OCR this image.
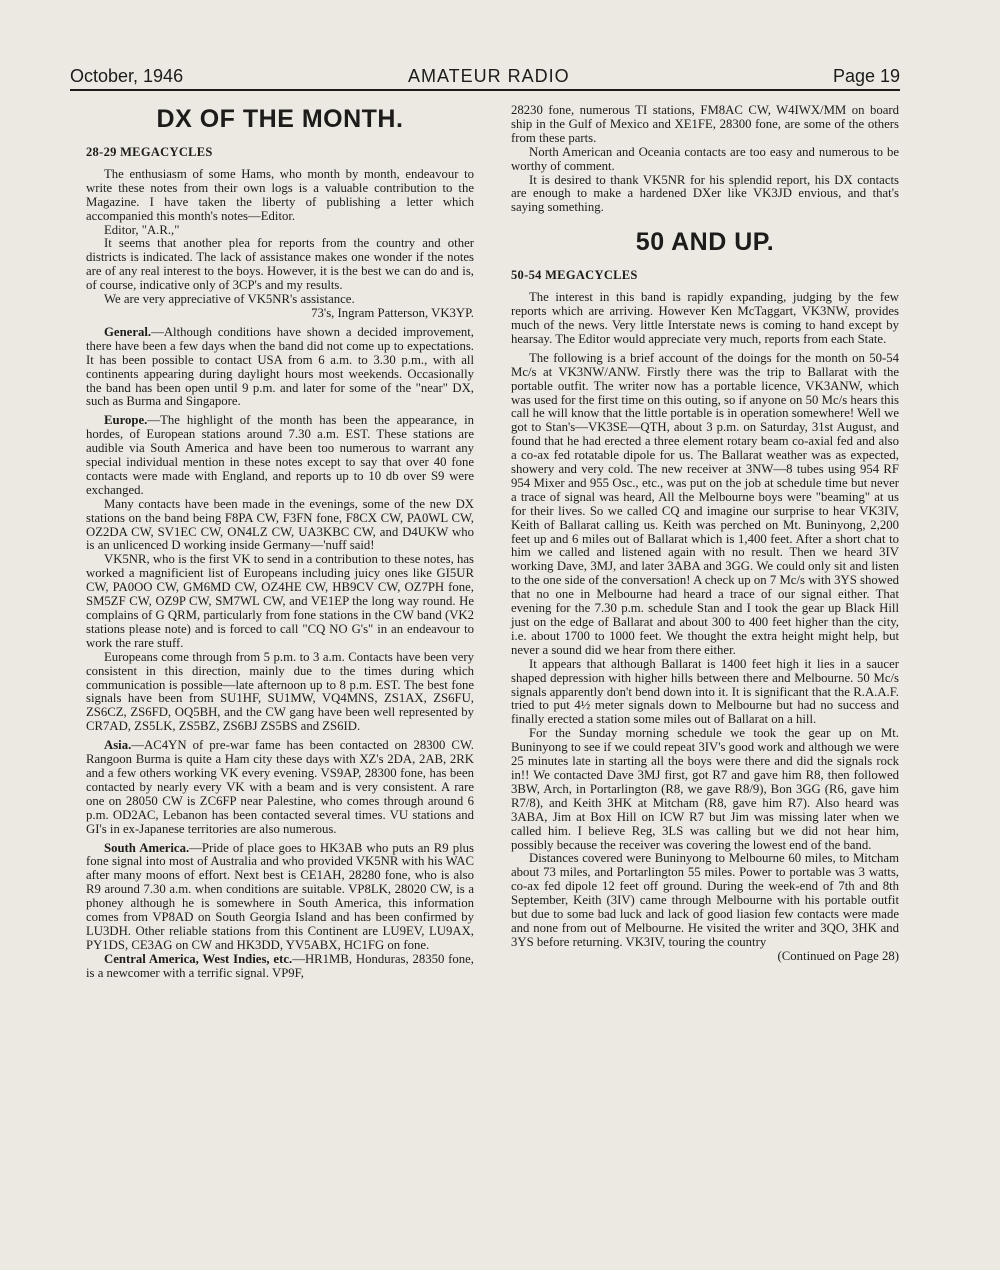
October, 1946	AMATEUR RADIO	Page 19
DX OF THE MONTH.
28-29 MEGACYCLES

The enthusiasm of some Hams, who month by month, endeavour to write these notes from their own logs is a valuable contribution to the Magazine. I have taken the liberty of publishing a letter which accompanied this month's notes—Editor.

Editor, "A.R.,"

It seems that another plea for reports from the country and other districts is indicated. The lack of assistance makes one wonder if the notes are of any real interest to the boys. However, it is the best we can do and is, of course, indicative only of 3CP's and my results.

We are very appreciative of VK5NR's assistance.

73's, Ingram Patterson, VK3YP.

General.—Although conditions have shown a decided improvement, there have been a few days when the band did not come up to expectations. It has been possible to contact USA from 6 a.m. to 3.30 p.m., with all continents appearing during daylight hours most weekends. Occasionally the band has been open until 9 p.m. and later for some of the "near" DX, such as Burma and Singapore.

Europe.—The highlight of the month has been the appearance, in hordes, of European stations around 7.30 a.m. EST. These stations are audible via South America and have been too numerous to warrant any special individual mention in these notes except to say that over 40 fone contacts were made with England, and reports up to 10 db over S9 were exchanged.

Many contacts have been made in the evenings, some of the new DX stations on the band being F8PA CW, F3FN fone, F8CX CW, PA0WL CW, OZ2DA CW, SV1EC CW, ON4LZ CW, UA3KBC CW, and D4UKW who is an unlicenced D working inside Germany—'nuff said!

VK5NR, who is the first VK to send in a contribution to these notes, has worked a magnificient list of Europeans including juicy ones like GI5UR CW, PA0OO CW, GM6MD CW, OZ4HE CW, HB9CV CW, OZ7PH fone, SM5ZF CW, OZ9P CW, SM7WL CW, and VE1EP the long way round. He complains of G QRM, particularly from fone stations in the CW band (VK2 stations please note) and is forced to call "CQ NO G's" in an endeavour to work the rare stuff.

Europeans come through from 5 p.m. to 3 a.m. Contacts have been very consistent in this direction, mainly due to the times during which communication is possible—late afternoon up to 8 p.m. EST. The best fone signals have been from SU1HF, SU1MW, VQ4MNS, ZS1AX, ZS6FU, ZS6CZ, ZS6FD, OQ5BH, and the CW gang have been well represented by CR7AD, ZS5LK, ZS5BZ, ZS6BJ ZS5BS and ZS6ID.

Asia.—AC4YN of pre-war fame has been contacted on 28300 CW. Rangoon Burma is quite a Ham city these days with XZ's 2DA, 2AB, 2RK and a few others working VK every evening. VS9AP, 28300 fone, has been contacted by nearly every VK with a beam and is very consistent. A rare one on 28050 CW is ZC6FP near Palestine, who comes through around 6 p.m. OD2AC, Lebanon has been contacted several times. VU stations and GI's in ex-Japanese territories are also numerous.

South America.—Pride of place goes to HK3AB who puts an R9 plus fone signal into most of Australia and who provided VK5NR with his WAC after many moons of effort. Next best is CE1AH, 28280 fone, who is also R9 around 7.30 a.m. when conditions are suitable. VP8LK, 28020 CW, is a phoney although he is somewhere in South America, this information comes from VP8AD on South Georgia Island and has been confirmed by LU3DH. Other reliable stations from this Continent are LU9EV, LU9AX, PY1DS, CE3AG on CW and HK3DD, YV5ABX, HC1FG on fone.

Central America, West Indies, etc.—HR1MB, Honduras, 28350 fone, is a newcomer with a terrific signal. VP9F,

28230 fone, numerous TI stations, FM8AC CW, W4IWX/MM on board ship in the Gulf of Mexico and XE1FE, 28300 fone, are some of the others from these parts.

North American and Oceania contacts are too easy and numerous to be worthy of comment.

It is desired to thank VK5NR for his splendid report, his DX contacts are enough to make a hardened DXer like VK3JD envious, and that's saying something.

50 AND UP.
50-54 MEGACYCLES

The interest in this band is rapidly expanding, judging by the few reports which are arriving. However Ken McTaggart, VK3NW, provides much of the news. Very little Interstate news is coming to hand except by hearsay. The Editor would appreciate very much, reports from each State.

The following is a brief account of the doings for the month on 50-54 Mc/s at VK3NW/ANW. Firstly there was the trip to Ballarat with the portable outfit. The writer now has a portable licence, VK3ANW, which was used for the first time on this outing, so if anyone on 50 Mc/s hears this call he will know that the little portable is in operation somewhere! Well we got to Stan's—VK3SE—QTH, about 3 p.m. on Saturday, 31st August, and found that he had erected a three element rotary beam co-axial fed and also a co-ax fed rotatable dipole for us. The Ballarat weather was as expected, showery and very cold. The new receiver at 3NW—8 tubes using 954 RF 954 Mixer and 955 Osc., etc., was put on the job at schedule time but never a trace of signal was heard, All the Melbourne boys were "beaming" at us for their lives. So we called CQ and imagine our surprise to hear VK3IV, Keith of Ballarat calling us. Keith was perched on Mt. Buninyong, 2,200 feet up and 6 miles out of Ballarat which is 1,400 feet. After a short chat to him we called and listened again with no result. Then we heard 3IV working Dave, 3MJ, and later 3ABA and 3GG. We could only sit and listen to the one side of the conversation! A check up on 7 Mc/s with 3YS showed that no one in Melbourne had heard a trace of our signal either. That evening for the 7.30 p.m. schedule Stan and I took the gear up Black Hill just on the edge of Ballarat and about 300 to 400 feet higher than the city, i.e. about 1700 to 1000 feet. We thought the extra height might help, but never a sound did we hear from there either.

It appears that although Ballarat is 1400 feet high it lies in a saucer shaped depression with higher hills between there and Melbourne. 50 Mc/s signals apparently don't bend down into it. It is significant that the R.A.A.F. tried to put 4½ meter signals down to Melbourne but had no success and finally erected a station some miles out of Ballarat on a hill.

For the Sunday morning schedule we took the gear up on Mt. Buninyong to see if we could repeat 3IV's good work and although we were 25 minutes late in starting all the boys were there and did the signals rock in!! We contacted Dave 3MJ first, got R7 and gave him R8, then followed 3BW, Arch, in Portarlington (R8, we gave R8/9), Bon 3GG (R6, gave him R7/8), and Keith 3HK at Mitcham (R8, gave him R7). Also heard was 3ABA, Jim at Box Hill on ICW R7 but Jim was missing later when we called him. I believe Reg, 3LS was calling but we did not hear him, possibly because the receiver was covering the lowest end of the band.

Distances covered were Buninyong to Melbourne 60 miles, to Mitcham about 73 miles, and Portarlington 55 miles. Power to portable was 3 watts, co-ax fed dipole 12 feet off ground. During the week-end of 7th and 8th September, Keith (3IV) came through Melbourne with his portable outfit but due to some bad luck and lack of good liasion few contacts were made and none from out of Melbourne. He visited the writer and 3QO, 3HK and 3YS before returning. VK3IV, touring the country

(Continued on Page 28)
